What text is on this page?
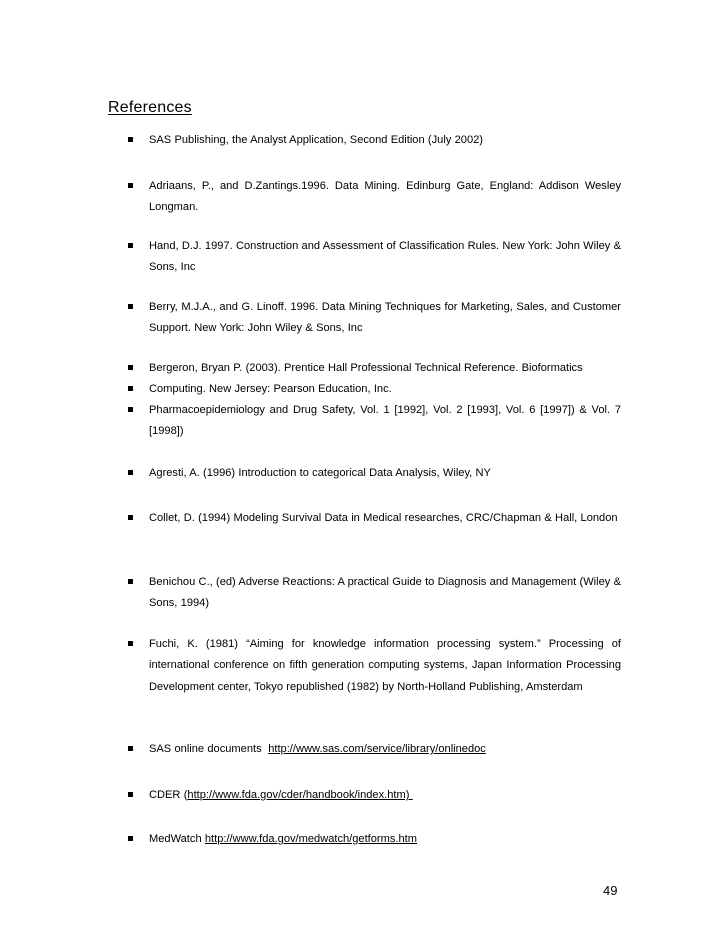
References
SAS Publishing, the Analyst Application, Second Edition (July 2002)
Adriaans, P., and D.Zantings.1996. Data Mining. Edinburg Gate, England: Addison Wesley Longman.
Hand, D.J. 1997. Construction and Assessment of Classification Rules. New York: John Wiley & Sons, Inc
Berry, M.J.A., and G. Linoff. 1996. Data Mining Techniques for Marketing, Sales, and Customer Support. New York: John Wiley & Sons, Inc
Bergeron, Bryan P. (2003). Prentice Hall Professional Technical Reference. Bioformatics
Computing. New Jersey: Pearson Education, Inc.
Pharmacoepidemiology and Drug Safety, Vol. 1 [1992], Vol. 2 [1993], Vol. 6 [1997]) & Vol. 7 [1998])
Agresti, A. (1996) Introduction to categorical Data Analysis, Wiley, NY
Collet, D. (1994) Modeling Survival Data in Medical researches, CRC/Chapman & Hall, London
Benichou C., (ed) Adverse Reactions: A practical Guide to Diagnosis and Management (Wiley & Sons, 1994)
Fuchi, K. (1981) “Aiming for knowledge information processing system.” Processing of international conference on fifth generation computing systems, Japan Information Processing Development center, Tokyo republished (1982) by North-Holland Publishing, Amsterdam
SAS online documents  http://www.sas.com/service/library/onlinedoc
CDER (http://www.fda.gov/cder/handbook/index.htm)
MedWatch http://www.fda.gov/medwatch/getforms.htm

49
